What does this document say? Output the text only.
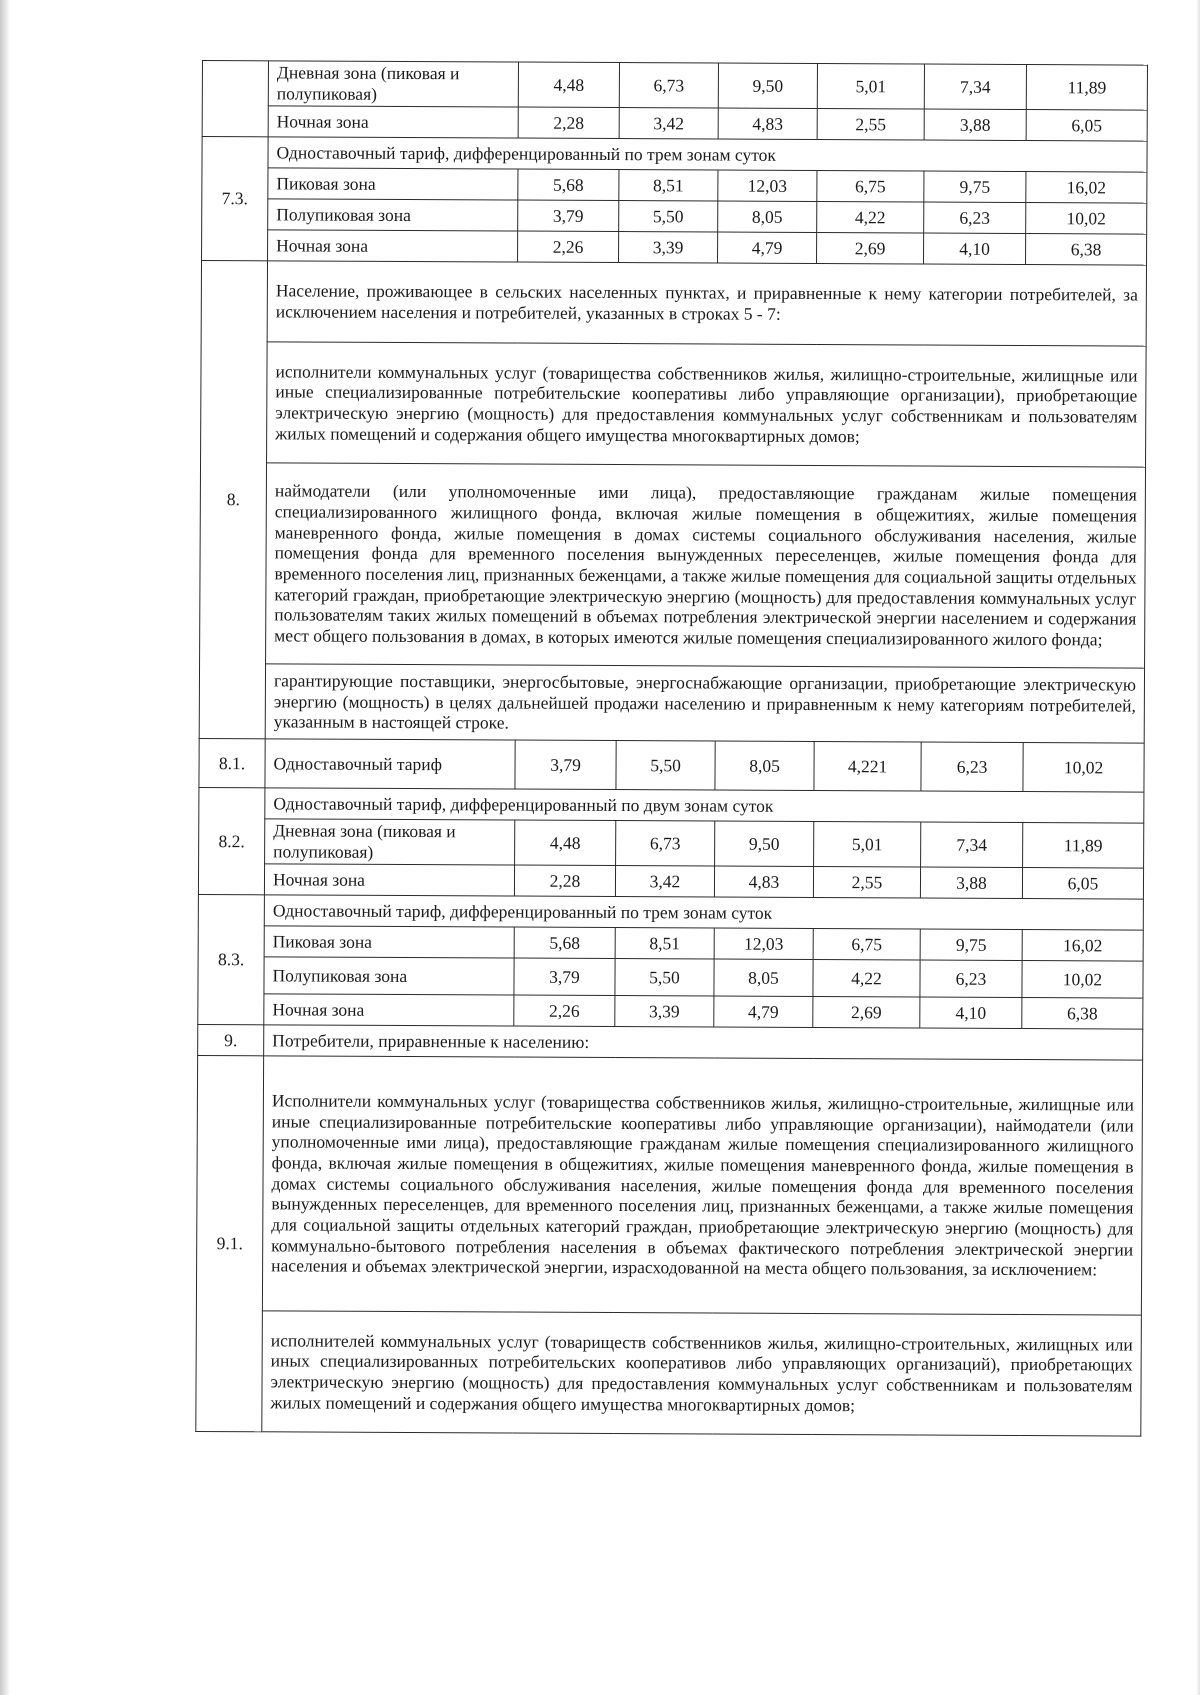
	Дневная зона (пиковая и полупиковая)	4,48	6,73	9,50	5,01	7,34	11,89
	Ночная зона	2,28	3,42	4,83	2,55	3,88	6,05
7.3.	Одноставочный тариф, дифференцированный по трем зонам суток						
	Пиковая зона	5,68	8,51	12,03	6,75	9,75	16,02
	Полупиковая зона	3,79	5,50	8,05	4,22	6,23	10,02
	Ночная зона	2,26	3,39	4,79	2,69	4,10	6,38
8.	Население, проживающее в сельских населенных пунктах, и приравненные к нему категории потребителей, за исключением населения и потребителей, указанных в строках 5 - 7:						
	исполнители коммунальных услуг (товарищества собственников жилья, жилищно-строительные, жилищные или иные специализированные потребительские кооперативы либо управляющие организации), приобретающие электрическую энергию (мощность) для предоставления коммунальных услуг собственникам и пользователям жилых помещений и содержания общего имущества многоквартирных домов;						
	наймодатели (или уполномоченные ими лица), предоставляющие гражданам жилые помещения специализированного жилищного фонда, включая жилые помещения в общежитиях, жилые помещения маневренного фонда, жилые помещения в домах системы социального обслуживания населения, жилые помещения фонда для временного поселения вынужденных переселенцев, жилые помещения фонда для временного поселения лиц, признанных беженцами, а также жилые помещения для социальной защиты отдельных категорий граждан, приобретающие электрическую энергию (мощность) для предоставления коммунальных услуг пользователям таких жилых помещений в объемах потребления электрической энергии населением и содержания мест общего пользования в домах, в которых имеются жилые помещения специализированного жилого фонда;						
	гарантирующие поставщики, энергосбытовые, энергоснабжающие организации, приобретающие электрическую энергию (мощность) в целях дальнейшей продажи населению и приравненным к нему категориям потребителей, указанным в настоящей строке.						
8.1.	Одноставочный тариф	3,79	5,50	8,05	4,221	6,23	10,02
8.2.	Одноставочный тариф, дифференцированный по двум зонам суток						
	Дневная зона (пиковая и полупиковая)	4,48	6,73	9,50	5,01	7,34	11,89
	Ночная зона	2,28	3,42	4,83	2,55	3,88	6,05
8.3.	Одноставочный тариф, дифференцированный по трем зонам суток						
	Пиковая зона	5,68	8,51	12,03	6,75	9,75	16,02
	Полупиковая зона	3,79	5,50	8,05	4,22	6,23	10,02
	Ночная зона	2,26	3,39	4,79	2,69	4,10	6,38
9.	Потребители, приравненные к населению:						
9.1.	Исполнители коммунальных услуг (товарищества собственников жилья, жилищно-строительные, жилищные или иные специализированные потребительские кооперативы либо управляющие организации), наймодатели (или уполномоченные ими лица), предоставляющие гражданам жилые помещения специализированного жилищного фонда, включая жилые помещения в общежитиях, жилые помещения маневренного фонда, жилые помещения в домах системы социального обслуживания населения, жилые помещения фонда для временного поселения вынужденных переселенцев, для временного поселения лиц, признанных беженцами, а также жилые помещения для социальной защиты отдельных категорий граждан, приобретающие электрическую энергию (мощность) для коммунально-бытового потребления населения в объемах фактического потребления электрической энергии населения и объемах электрической энергии, израсходованной на места общего пользования, за исключением:						
	исполнителей коммунальных услуг (товариществ собственников жилья, жилищно-строительных, жилищных или иных специализированных потребительских кооперативов либо управляющих организаций), приобретающих электрическую энергию (мощность) для предоставления коммунальных услуг собственникам и пользователям жилых помещений и содержания общего имущества многоквартирных домов;						
